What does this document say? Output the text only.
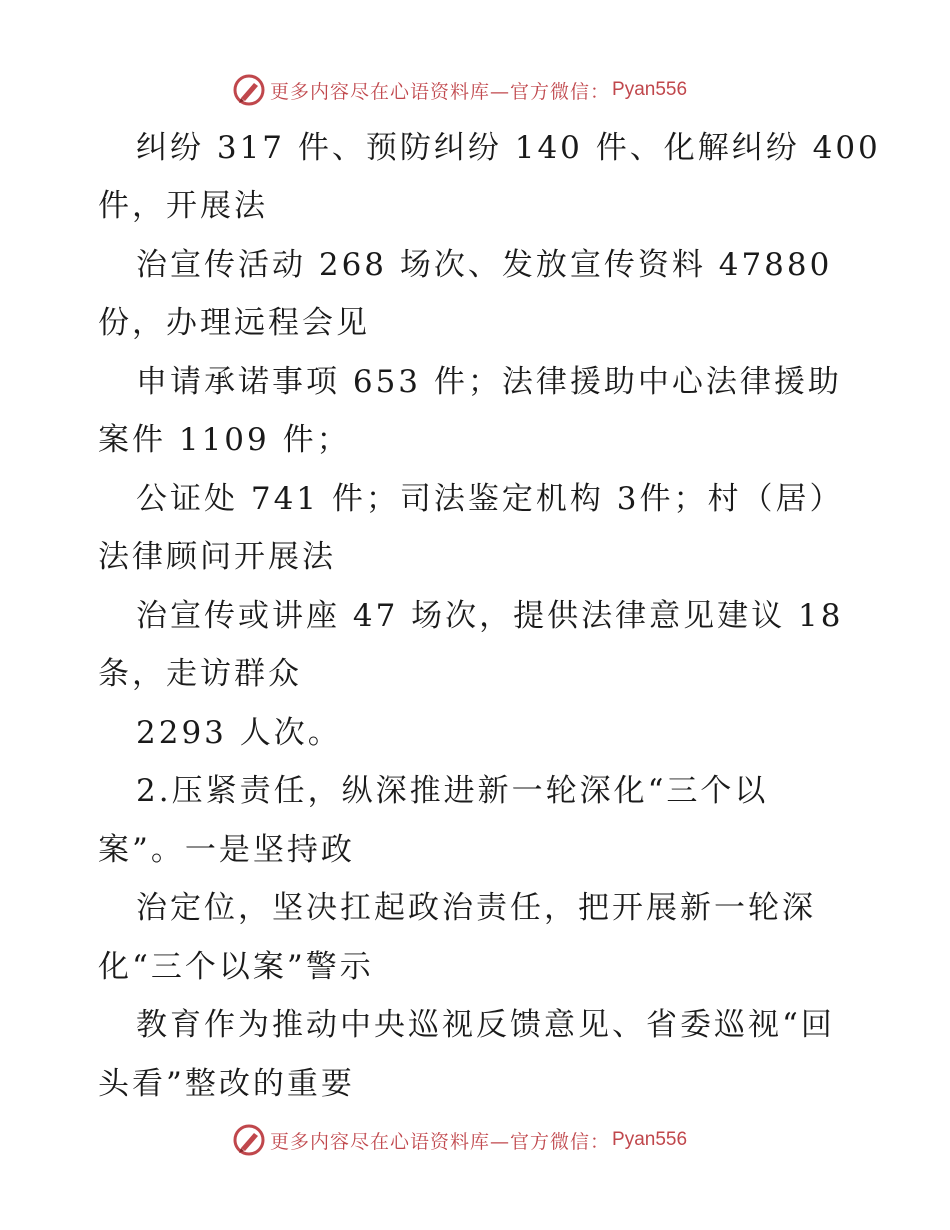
更多内容尽在心语资料库—官方微信： Pyan556
纠纷 317 件、预防纠纷 140 件、化解纠纷 400
件，开展法
治宣传活动 268 场次、发放宣传资料 47880
份，办理远程会见
申请承诺事项 653 件；法律援助中心法律援助
案件 1109 件；
公证处 741 件；司法鉴定机构 3件；村（居）
法律顾问开展法
治宣传或讲座 47 场次，提供法律意见建议 18
条，走访群众
2293 人次。
2.压紧责任，纵深推进新一轮深化“三个以
案”。一是坚持政
治定位，坚决扛起政治责任，把开展新一轮深
化“三个以案”警示
教育作为推动中央巡视反馈意见、省委巡视“回
头看”整改的重要
更多内容尽在心语资料库—官方微信： Pyan556
